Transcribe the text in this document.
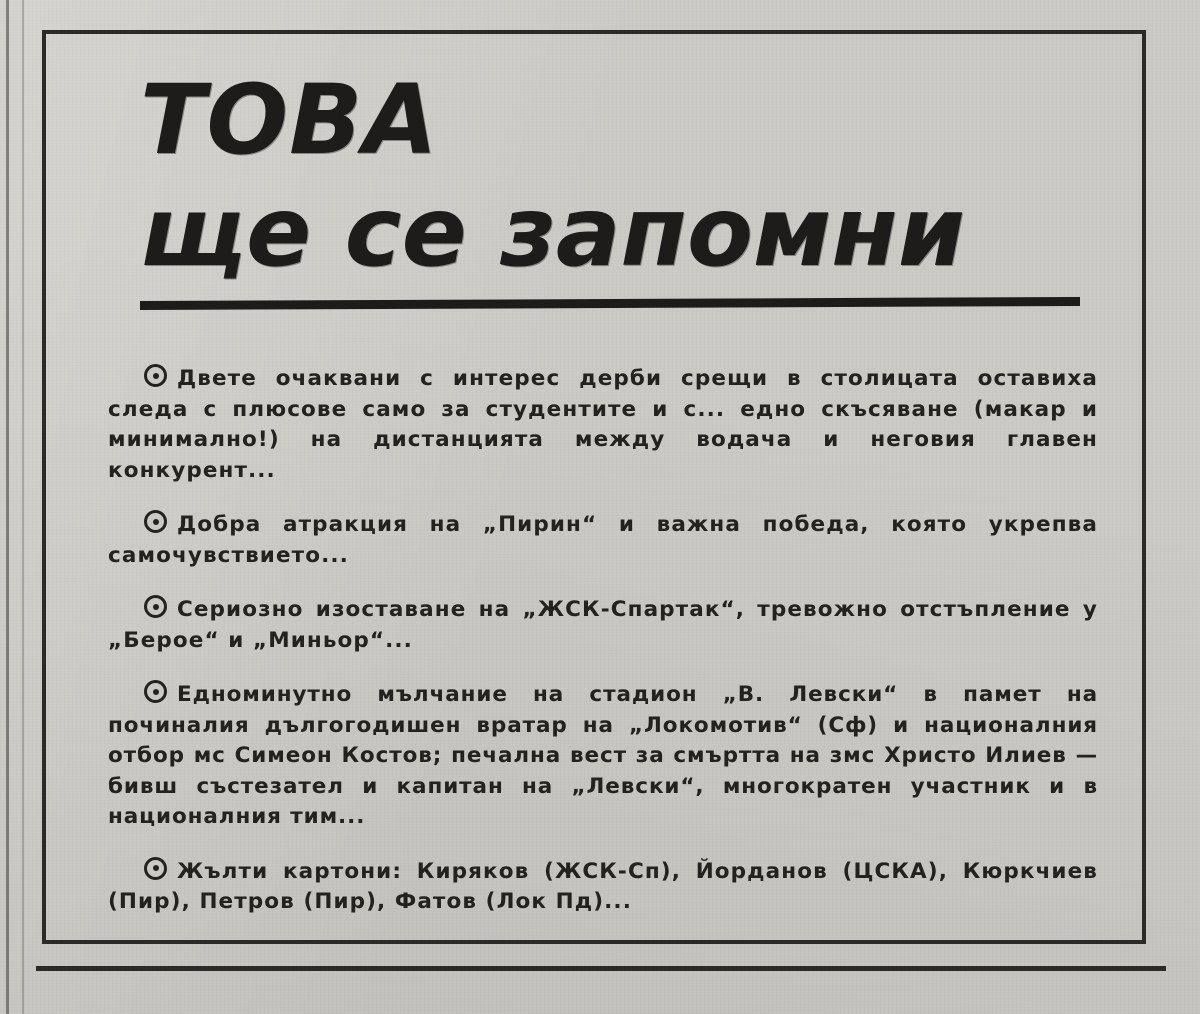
ТОВА
ще се запомни

Двете очаквани с интерес дерби срещи в столицата оставиха следа с плюсове само за студентите и с... едно скъсяване (макар и минимално!) на дистанцията между водача и неговия главен конкурент...

Добра атракция на „Пирин“ и важна победа, която укрепва самочувствието...

Сериозно изоставане на „ЖСК-Спартак“, тревожно отстъпление у „Берое“ и „Миньор“...

Едноминутно мълчание на стадион „В. Левски“ в памет на починалия дългогодишен вратар на „Локомотив“ (Сф) и националния отбор мс Симеон Костов; печална вест за смъртта на змс Христо Илиев — бивш състезател и капитан на „Левски“, многократен участник и в националния тим...

Жълти картони: Киряков (ЖСК-Сп), Йорданов (ЦСКА), Кюркчиев (Пир), Петров (Пир), Фатов (Лок Пд)...
